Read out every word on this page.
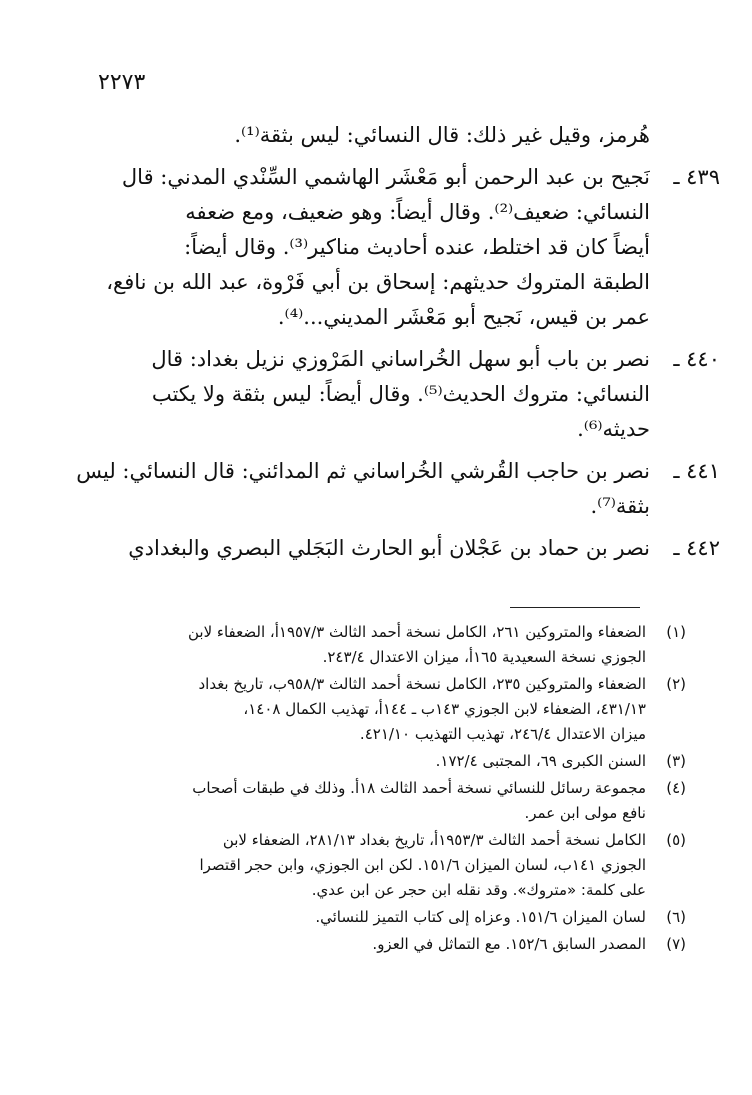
٢٢٧٣
هُرمز، وقيل غير ذلك: قال النسائي: ليس بثقة⁽¹⁾.
٤٣٩ ـ
نَجيح بن عبد الرحمن أبو مَعْشَر الهاشمي السِّنْدي المدني: قال
النسائي: ضعيف⁽²⁾. وقال أيضاً: وهو ضعيف، ومع ضعفه
أيضاً كان قد اختلط، عنده أحاديث مناكير⁽³⁾. وقال أيضاً:
الطبقة المتروك حديثهم: إسحاق بن أبي فَرْوة، عبد الله بن نافع،
عمر بن قيس، نَجيح أبو مَعْشَر المديني...⁽⁴⁾.
٤٤٠ ـ
نصر بن باب أبو سهل الخُراساني المَرْوزي نزيل بغداد: قال
النسائي: متروك الحديث⁽⁵⁾. وقال أيضاً: ليس بثقة ولا يكتب
حديثه⁽⁶⁾.
٤٤١ ـ
نصر بن حاجب القُرشي الخُراساني ثم المدائني: قال النسائي: ليس
بثقة⁽⁷⁾.
٤٤٢ ـ
نصر بن حماد بن عَجْلان أبو الحارث البَجَلي البصري والبغدادي
(١)
الضعفاء والمتروكين ٢٦١، الكامل نسخة أحمد الثالث ١٩٥٧/٣أ، الضعفاء لابن
الجوزي نسخة السعيدية ١٦٥أ، ميزان الاعتدال ٢٤٣/٤.
(٢)
الضعفاء والمتروكين ٢٣٥، الكامل نسخة أحمد الثالث ٩٥٨/٣ب، تاريخ بغداد
٤٣١/١٣، الضعفاء لابن الجوزي ١٤٣ب ـ ١٤٤أ، تهذيب الكمال ١٤٠٨،
ميزان الاعتدال ٢٤٦/٤، تهذيب التهذيب ٤٢١/١٠.
(٣)
السنن الكبرى ٦٩، المجتبى ١٧٢/٤.
(٤)
مجموعة رسائل للنسائي نسخة أحمد الثالث ١٨أ. وذلك في طبقات أصحاب
نافع مولى ابن عمر.
(٥)
الكامل نسخة أحمد الثالث ١٩٥٣/٣أ، تاريخ بغداد ٢٨١/١٣، الضعفاء لابن
الجوزي ١٤١ب، لسان الميزان ١٥١/٦. لكن ابن الجوزي، وابن حجر اقتصرا
على كلمة: «متروك». وقد نقله ابن حجر عن ابن عدي.
(٦)
لسان الميزان ١٥١/٦. وعزاه إلى كتاب التميز للنسائي.
(٧)
المصدر السابق ١٥٢/٦. مع التماثل في العزو.
